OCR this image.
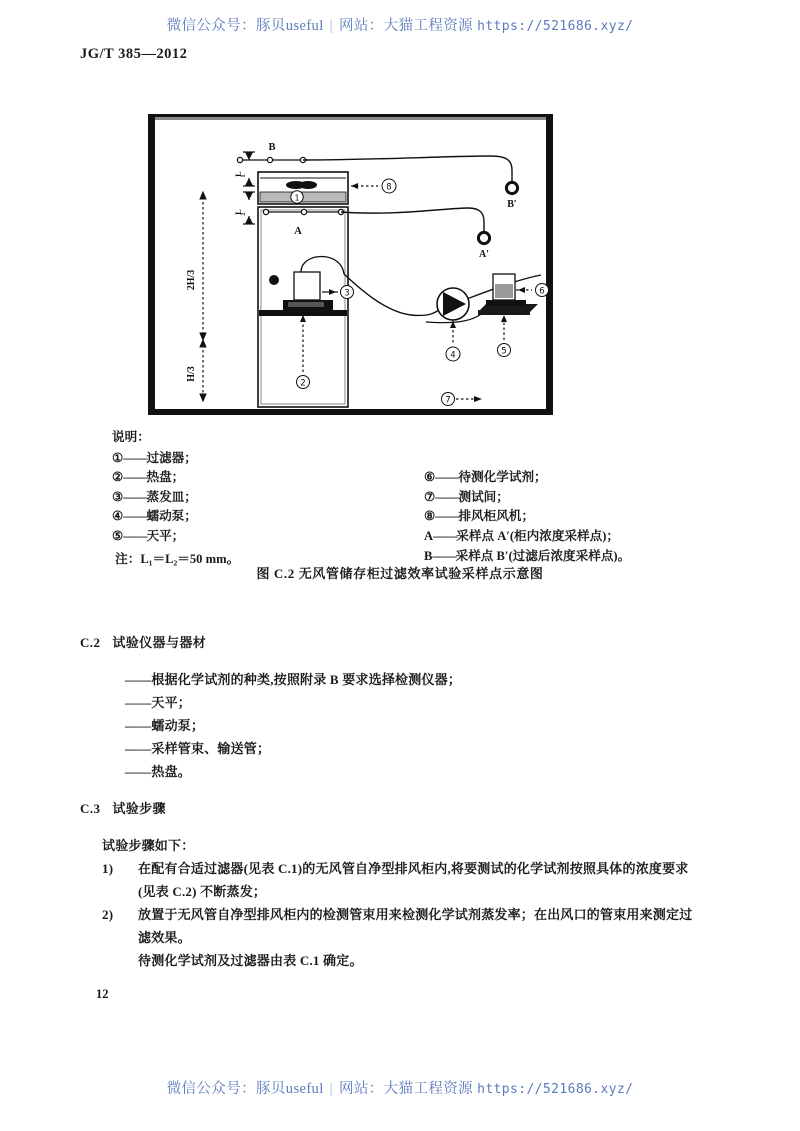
微信公众号：豚贝useful | 网站：大猫工程资源 https://521686.xyz/
JG/T 385—2012
L
1
L
2
2H/3
H/3
B
1
8
A
3
2
4
B′
A′
6
5
7
说明：
①——过滤器；
②——热盘；
③——蒸发皿；
④——蠕动泵；
⑤——天平；
⑥——待测化学试剂；
⑦——测试间；
⑧——排风柜风机；
A——采样点 A′(柜内浓度采样点)；
B——采样点 B′(过滤后浓度采样点)。
注：L₁＝L₂＝50 mm。
图 C.2 无风管储存柜过滤效率试验采样点示意图
C.2 试验仪器与器材
——根据化学试剂的种类,按照附录 B 要求选择检测仪器；
——天平；
——蠕动泵；
——采样管束、输送管；
——热盘。
C.3 试验步骤
试验步骤如下：
1) 在配有合适过滤器(见表 C.1)的无风管自净型排风柜内,将要测试的化学试剂按照具体的浓度要求(见表 C.2) 不断蒸发；
2) 放置于无风管自净型排风柜内的检测管束用来检测化学试剂蒸发率；在出风口的管束用来测定过滤效果。
待测化学试剂及过滤器由表 C.1 确定。
12
微信公众号：豚贝useful | 网站：大猫工程资源 https://521686.xyz/
